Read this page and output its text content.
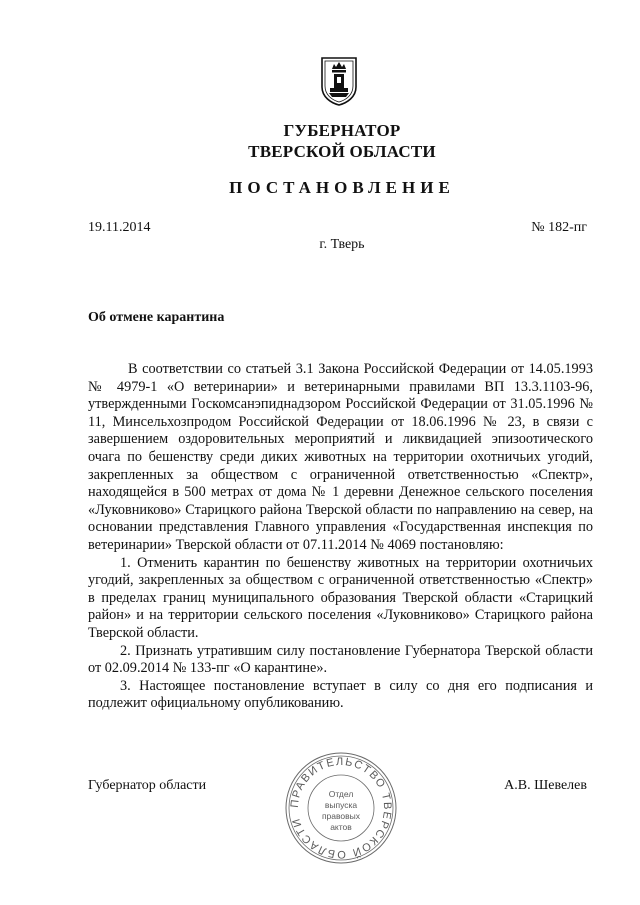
ГУБЕРНАТОР
ТВЕРСКОЙ ОБЛАСТИ
ПОСТАНОВЛЕНИЕ
19.11.2014	№ 182-пг
г. Тверь
Об отмене карантина

В соответствии со статьей 3.1 Закона Российской Федерации от 14.05.1993 № 4979-1 «О ветеринарии» и ветеринарными правилами ВП 13.3.1103-96, утвержденными Госкомсанэпиднадзором Российской Федерации от 31.05.1996 № 11, Минсельхозпродом Российской Федерации от 18.06.1996 № 23, в связи с завершением оздоровительных мероприятий и ликвидацией эпизоотического очага по бешенству среди диких животных на территории охотничьих угодий, закрепленных за обществом с ограниченной ответственностью «Спектр», находящейся в 500 метрах от дома № 1 деревни Денежное сельского поселения «Луковниково» Старицкого района Тверской области по направлению на север, на основании представления Главного управления «Государственная инспекция по ветеринарии» Тверской области от 07.11.2014 № 4069 постановляю:

1. Отменить карантин по бешенству животных на территории охотничьих угодий, закрепленных за обществом с ограниченной ответственностью «Спектр» в пределах границ муниципального образования Тверской области «Старицкий район» и на территории сельского поселения «Луковниково» Старицкого района Тверской области.

2. Признать утратившим силу постановление Губернатора Тверской области от 02.09.2014 № 133-пг «О карантине».

3. Настоящее постановление вступает в силу со дня его подписания и подлежит официальному опубликованию.

Губернатор области	А.В. Шевелев
ПРАВИТЕЛЬСТВО ТВЕРСКОЙ ОБЛАСТИ
Отдел
выпуска
правовых
актов
